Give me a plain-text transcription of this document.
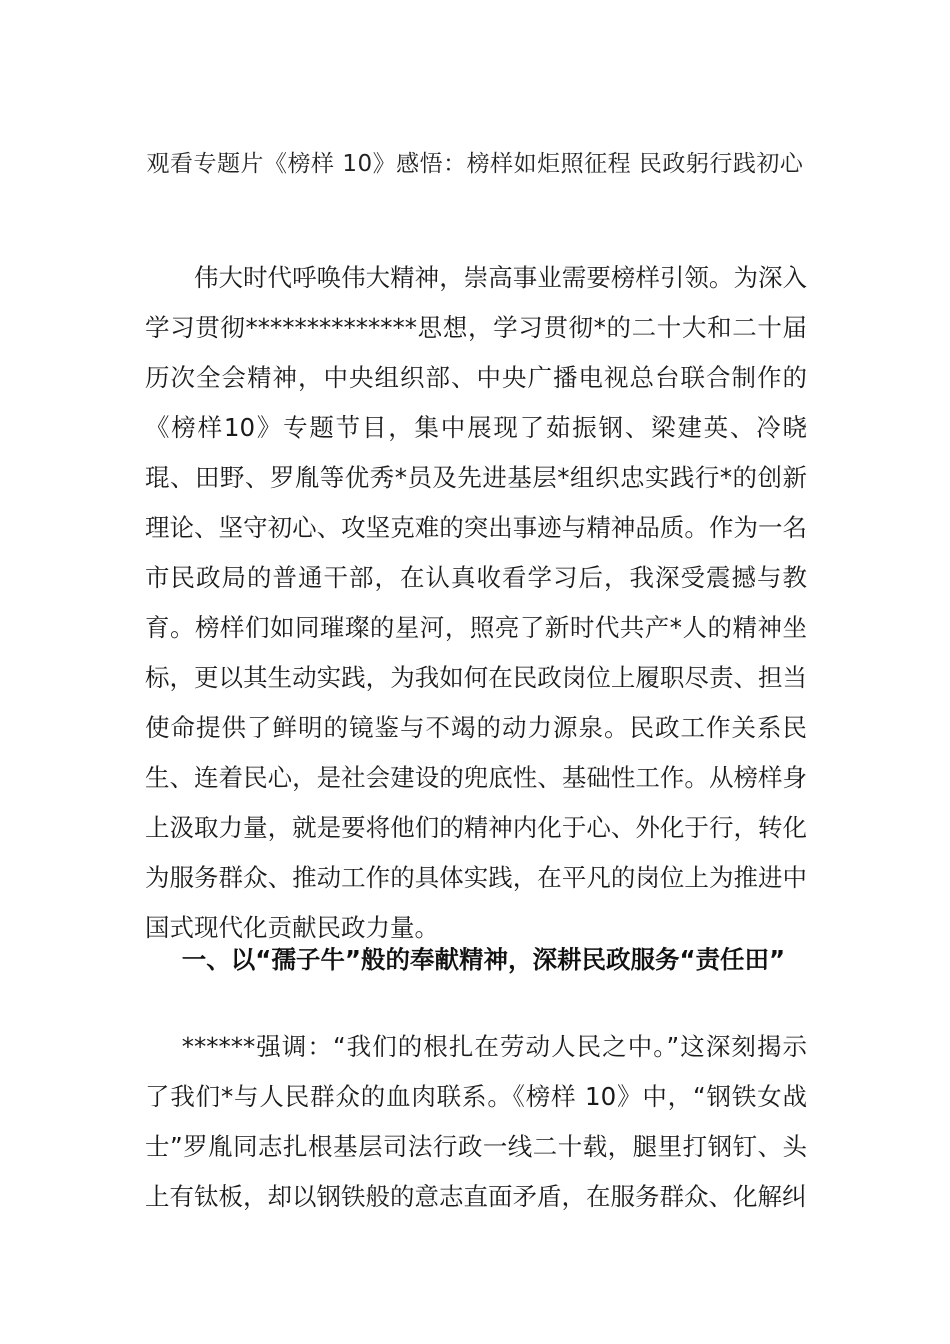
观看专题片《榜样 10》感悟：榜样如炬照征程 民政躬行践初心

伟大时代呼唤伟大精神，崇高事业需要榜样引领。为深入学习贯彻**************思想，学习贯彻*的二十大和二十届历次全会精神，中央组织部、中央广播电视总台联合制作的《榜样10》专题节目，集中展现了茹振钢、梁建英、冷晓琨、田野、罗胤等优秀*员及先进基层*组织忠实践行*的创新理论、坚守初心、攻坚克难的突出事迹与精神品质。作为一名市民政局的普通干部，在认真收看学习后，我深受震撼与教育。榜样们如同璀璨的星河，照亮了新时代共产*人的精神坐标，更以其生动实践，为我如何在民政岗位上履职尽责、担当使命提供了鲜明的镜鉴与不竭的动力源泉。民政工作关系民生、连着民心，是社会建设的兜底性、基础性工作。从榜样身上汲取力量，就是要将他们的精神内化于心、外化于行，转化为服务群众、推动工作的具体实践，在平凡的岗位上为推进中国式现代化贡献民政力量。

一、以“孺子牛”般的奉献精神，深耕民政服务“责任田”

******强调：“我们的根扎在劳动人民之中。”这深刻揭示了我们*与人民群众的血肉联系。《榜样 10》中，“钢铁女战士”罗胤同志扎根基层司法行政一线二十载，腿里打钢钉、头上有钛板，却以钢铁般的意志直面矛盾，在服务群众、化解纠
